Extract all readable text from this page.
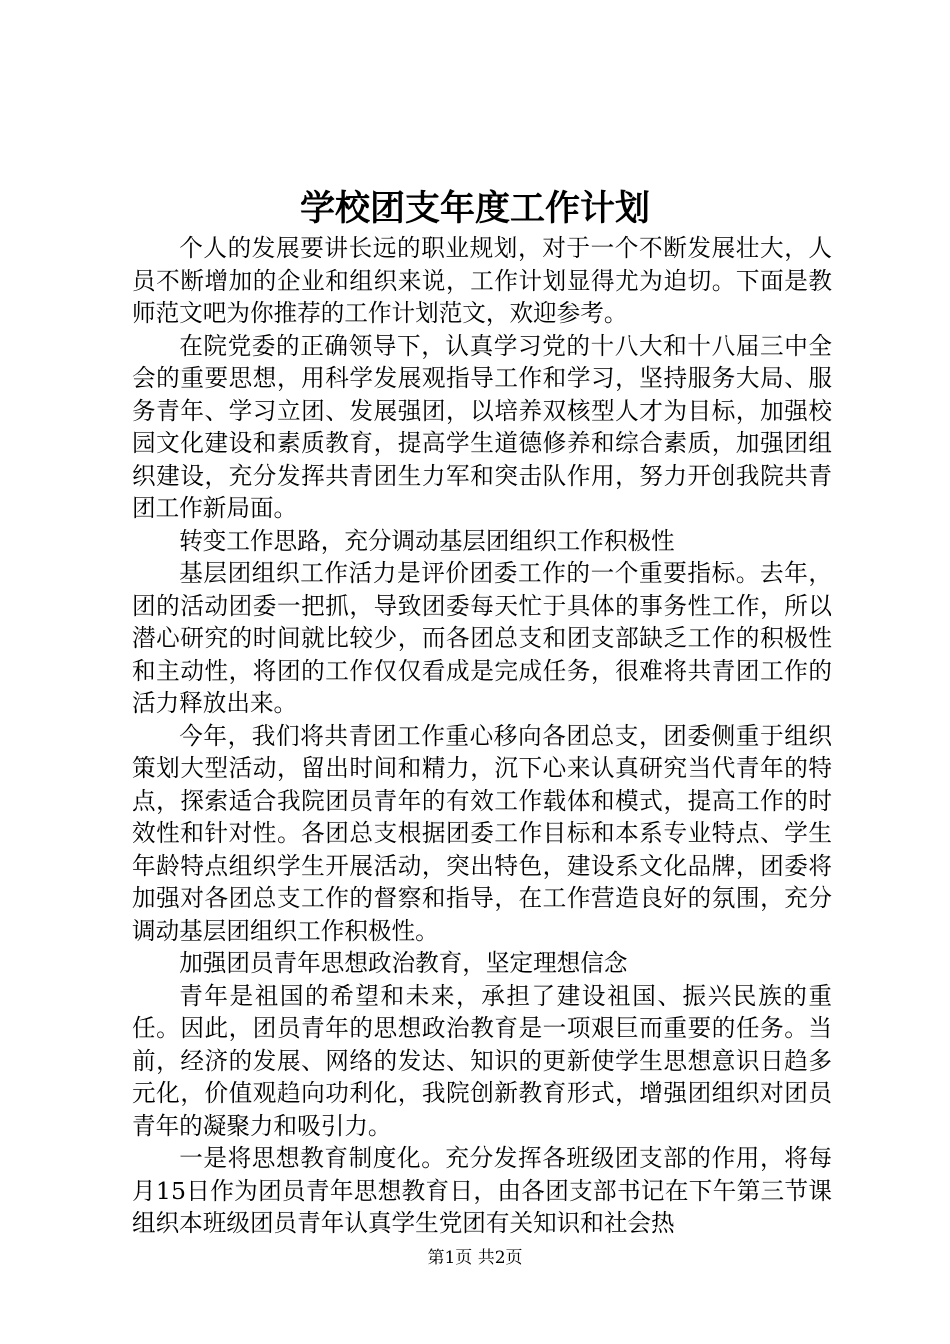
学校团支年度工作计划

个人的发展要讲长远的职业规划，对于一个不断发展壮大，人员不断增加的企业和组织来说，工作计划显得尤为迫切。下面是教师范文吧为你推荐的工作计划范文，欢迎参考。

在院党委的正确领导下，认真学习党的十八大和十八届三中全会的重要思想，用科学发展观指导工作和学习，坚持服务大局、服务青年、学习立团、发展强团，以培养双核型人才为目标，加强校园文化建设和素质教育，提高学生道德修养和综合素质，加强团组织建设，充分发挥共青团生力军和突击队作用，努力开创我院共青团工作新局面。

转变工作思路，充分调动基层团组织工作积极性

基层团组织工作活力是评价团委工作的一个重要指标。去年，团的活动团委一把抓，导致团委每天忙于具体的事务性工作，所以潜心研究的时间就比较少，而各团总支和团支部缺乏工作的积极性和主动性，将团的工作仅仅看成是完成任务，很难将共青团工作的活力释放出来。

今年，我们将共青团工作重心移向各团总支，团委侧重于组织策划大型活动，留出时间和精力，沉下心来认真研究当代青年的特点，探索适合我院团员青年的有效工作载体和模式，提高工作的时效性和针对性。各团总支根据团委工作目标和本系专业特点、学生年龄特点组织学生开展活动，突出特色，建设系文化品牌，团委将加强对各团总支工作的督察和指导，在工作营造良好的氛围，充分调动基层团组织工作积极性。

加强团员青年思想政治教育，坚定理想信念

青年是祖国的希望和未来，承担了建设祖国、振兴民族的重任。因此，团员青年的思想政治教育是一项艰巨而重要的任务。当前，经济的发展、网络的发达、知识的更新使学生思想意识日趋多元化，价值观趋向功利化，我院创新教育形式，增强团组织对团员青年的凝聚力和吸引力。

一是将思想教育制度化。充分发挥各班级团支部的作用，将每月15日作为团员青年思想教育日，由各团支部书记在下午第三节课组织本班级团员青年认真学生党团有关知识和社会热

第1页 共2页
